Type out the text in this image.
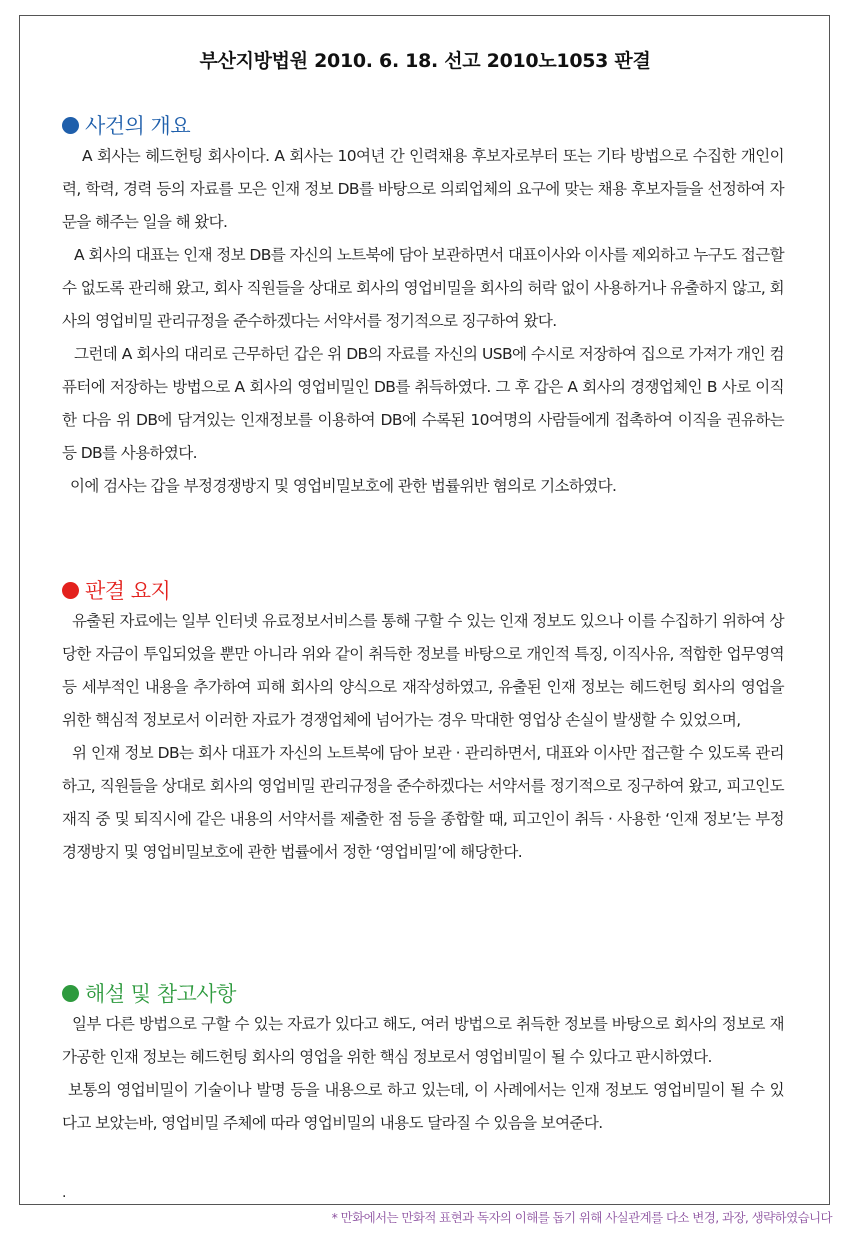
부산지방법원 2010. 6. 18. 선고 2010노1053 판결
사건의 개요

A 회사는 헤드헌팅 회사이다. A 회사는 10여년 간 인력채용 후보자로부터 또는 기타 방법으로 수집한 개인이력, 학력, 경력 등의 자료를 모은 인재 정보 DB를 바탕으로 의뢰업체의 요구에 맞는 채용 후보자들을 선정하여 자문을 해주는 일을 해 왔다.

A 회사의 대표는 인재 정보 DB를 자신의 노트북에 담아 보관하면서 대표이사와 이사를 제외하고 누구도 접근할 수 없도록 관리해 왔고, 회사 직원들을 상대로 회사의 영업비밀을 회사의 허락 없이 사용하거나 유출하지 않고, 회사의 영업비밀 관리규정을 준수하겠다는 서약서를 정기적으로 징구하여 왔다.

그런데 A 회사의 대리로 근무하던 갑은 위 DB의 자료를 자신의 USB에 수시로 저장하여 집으로 가져가 개인 컴퓨터에 저장하는 방법으로 A 회사의 영업비밀인 DB를 취득하였다. 그 후 갑은 A 회사의 경쟁업체인 B 사로 이직한 다음 위 DB에 담겨있는 인재정보를 이용하여 DB에 수록된 10여명의 사람들에게 접촉하여 이직을 권유하는 등 DB를 사용하였다.

이에 검사는 갑을 부정경쟁방지 및 영업비밀보호에 관한 법률위반 혐의로 기소하였다.

판결 요지

유출된 자료에는 일부 인터넷 유료정보서비스를 통해 구할 수 있는 인재 정보도 있으나 이를 수집하기 위하여 상당한 자금이 투입되었을 뿐만 아니라 위와 같이 취득한 정보를 바탕으로 개인적 특징, 이직사유, 적합한 업무영역 등 세부적인 내용을 추가하여 피해 회사의 양식으로 재작성하였고, 유출된 인재 정보는 헤드헌팅 회사의 영업을 위한 핵심적 정보로서 이러한 자료가 경쟁업체에 넘어가는 경우 막대한 영업상 손실이 발생할 수 있었으며,

위 인재 정보 DB는 회사 대표가 자신의 노트북에 담아 보관 · 관리하면서, 대표와 이사만 접근할 수 있도록 관리하고, 직원들을 상대로 회사의 영업비밀 관리규정을 준수하겠다는 서약서를 정기적으로 징구하여 왔고, 피고인도 재직 중 및 퇴직시에 같은 내용의 서약서를 제출한 점 등을 종합할 때, 피고인이 취득 · 사용한 ‘인재 정보’는 부정경쟁방지 및 영업비밀보호에 관한 법률에서 정한 ‘영업비밀’에 해당한다.

해설 및 참고사항

일부 다른 방법으로 구할 수 있는 자료가 있다고 해도, 여러 방법으로 취득한 정보를 바탕으로 회사의 정보로 재가공한 인재 정보는 헤드헌팅 회사의 영업을 위한 핵심 정보로서 영업비밀이 될 수 있다고 판시하였다.

보통의 영업비밀이 기술이나 발명 등을 내용으로 하고 있는데, 이 사례에서는 인재 정보도 영업비밀이 될 수 있다고 보았는바, 영업비밀 주체에 따라 영업비밀의 내용도 달라질 수 있음을 보여준다.

.
* 만화에서는 만화적 표현과 독자의 이해를 돕기 위해 사실관계를 다소 변경, 과장, 생략하였습니다
